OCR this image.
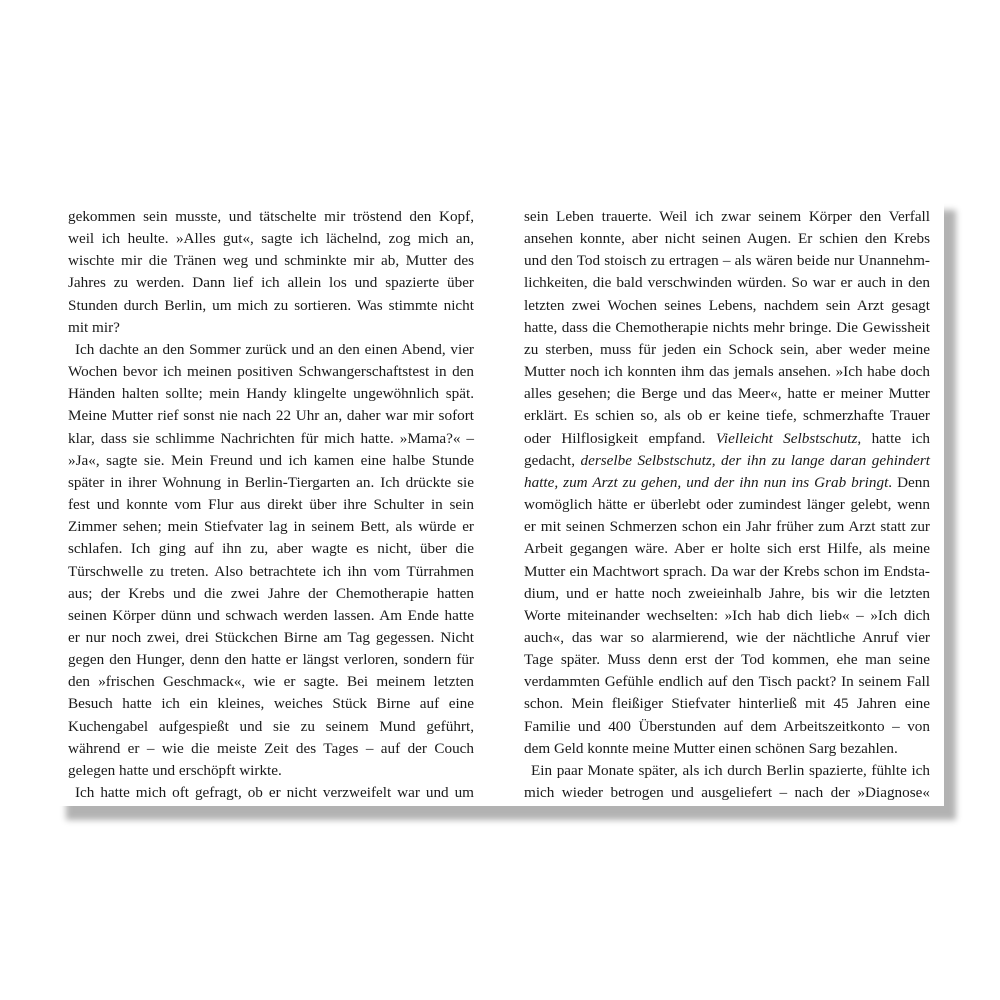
gekommen sein musste, und tätschelte mir tröstend den Kopf,
weil ich heulte. »Alles gut«, sagte ich lächelnd, zog mich an,
wischte mir die Tränen weg und schminkte mir ab, Mutter des
Jahres zu werden. Dann lief ich allein los und spazierte über
Stunden durch Berlin, um mich zu sortieren. Was stimmte nicht
mit mir?
Ich dachte an den Sommer zurück und an den einen Abend, vier
Wochen bevor ich meinen positiven Schwangerschaftstest in den
Händen halten sollte; mein Handy klingelte ungewöhnlich spät.
Meine Mutter rief sonst nie nach 22 Uhr an, daher war mir sofort
klar, dass sie schlimme Nachrichten für mich hatte. »Mama?« –
»Ja«, sagte sie. Mein Freund und ich kamen eine halbe Stunde
später in ihrer Wohnung in Berlin-Tiergarten an. Ich drückte sie
fest und konnte vom Flur aus direkt über ihre Schulter in sein
Zimmer sehen; mein Stiefvater lag in seinem Bett, als würde er
schlafen. Ich ging auf ihn zu, aber wagte es nicht, über die
Türschwelle zu treten. Also betrachtete ich ihn vom Türrahmen
aus; der Krebs und die zwei Jahre der Chemotherapie hatten
seinen Körper dünn und schwach werden lassen. Am Ende hatte
er nur noch zwei, drei Stückchen Birne am Tag gegessen. Nicht
gegen den Hunger, denn den hatte er längst verloren, sondern für
den »frischen Geschmack«, wie er sagte. Bei meinem letzten
Besuch hatte ich ein kleines, weiches Stück Birne auf eine
Kuchengabel aufgespießt und sie zu seinem Mund geführt,
während er – wie die meiste Zeit des Tages – auf der Couch
gelegen hatte und erschöpft wirkte.
Ich hatte mich oft gefragt, ob er nicht verzweifelt war und um
sein Leben trauerte. Weil ich zwar seinem Körper den Verfall
ansehen konnte, aber nicht seinen Augen. Er schien den Krebs
und den Tod stoisch zu ertragen – als wären beide nur Unannehm-
lichkeiten, die bald verschwinden würden. So war er auch in den
letzten zwei Wochen seines Lebens, nachdem sein Arzt gesagt
hatte, dass die Chemotherapie nichts mehr bringe. Die Gewissheit
zu sterben, muss für jeden ein Schock sein, aber weder meine
Mutter noch ich konnten ihm das jemals ansehen. »Ich habe doch
alles gesehen; die Berge und das Meer«, hatte er meiner Mutter
erklärt. Es schien so, als ob er keine tiefe, schmerzhafte Trauer
oder Hilflosigkeit empfand. Vielleicht Selbstschutz, hatte ich
gedacht, derselbe Selbstschutz, der ihn zu lange daran gehindert
hatte, zum Arzt zu gehen, und der ihn nun ins Grab bringt. Denn
womöglich hätte er überlebt oder zumindest länger gelebt, wenn
er mit seinen Schmerzen schon ein Jahr früher zum Arzt statt zur
Arbeit gegangen wäre. Aber er holte sich erst Hilfe, als meine
Mutter ein Machtwort sprach. Da war der Krebs schon im Endsta-
dium, und er hatte noch zweieinhalb Jahre, bis wir die letzten
Worte miteinander wechselten: »Ich hab dich lieb« – »Ich dich
auch«, das war so alarmierend, wie der nächtliche Anruf vier
Tage später. Muss denn erst der Tod kommen, ehe man seine
verdammten Gefühle endlich auf den Tisch packt? In seinem Fall
schon. Mein fleißiger Stiefvater hinterließ mit 45 Jahren eine
Familie und 400 Überstunden auf dem Arbeitszeitkonto – von
dem Geld konnte meine Mutter einen schönen Sarg bezahlen.
Ein paar Monate später, als ich durch Berlin spazierte, fühlte ich
mich wieder betrogen und ausgeliefert – nach der »Diagnose«
